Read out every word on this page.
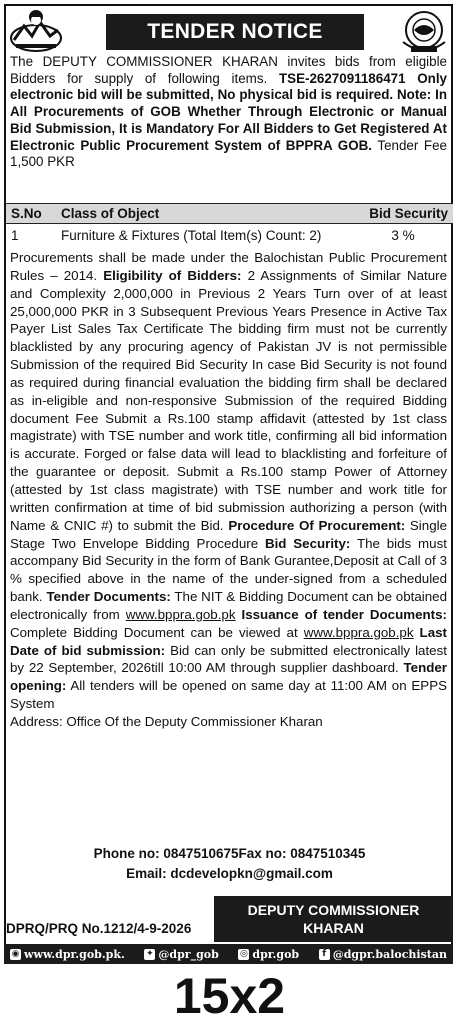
TENDER NOTICE
The DEPUTY COMMISSIONER KHARAN invites bids from eligible Bidders for supply of following items. TSE-2627091186471 Only electronic bid will be submitted, No physical bid is required. Note: In All Procurements of GOB Whether Through Electronic or Manual Bid Submission, It is Mandatory For All Bidders to Get Registered At Electronic Public Procurement System of BPPRA GOB. Tender Fee 1,500 PKR
S.No	Class of Object	Bid Security
1	Furniture & Fixtures (Total Item(s) Count: 2)	3 %
Procurements shall be made under the Balochistan Public Procurement Rules – 2014. Eligibility of Bidders: 2 Assignments of Similar Nature and Complexity 2,000,000 in Previous 2 Years Turn over of at least 25,000,000 PKR in 3 Subsequent Previous Years Presence in Active Tax Payer List Sales Tax Certificate The bidding firm must not be currently blacklisted by any procuring agency of Pakistan JV is not permissible Submission of the required Bid Security In case Bid Security is not found as required during financial evaluation the bidding firm shall be declared as in-eligible and non-responsive Submission of the required Bidding document Fee Submit a Rs.100 stamp affidavit (attested by 1st class magistrate) with TSE number and work title, confirming all bid information is accurate. Forged or false data will lead to blacklisting and forfeiture of the guarantee or deposit. Submit a Rs.100 stamp Power of Attorney (attested by 1st class magistrate) with TSE number and work title for written confirmation at time of bid submission authorizing a person (with Name & CNIC #) to submit the Bid. Procedure Of Procurement: Single Stage Two Envelope Bidding Procedure Bid Security: The bids must accompany Bid Security in the form of Bank Gurantee,Deposit at Call of 3 % specified above in the name of the under-signed from a scheduled bank. Tender Documents: The NIT & Bidding Document can be obtained electronically from www.bppra.gob.pk Issuance of tender Documents: Complete Bidding Document can be viewed at www.bppra.gob.pk Last Date of bid submission: Bid can only be submitted electronically latest by 22 September, 2026till 10:00 AM through supplier dashboard. Tender opening: All tenders will be opened on same day at 11:00 AM on EPPS System
Address: Office Of the Deputy Commissioner Kharan
Phone no: 0847510675Fax no: 0847510345
Email: dcdevelopkn@gmail.com
DPRQ/PRQ No.1212/4-9-2026
DEPUTY COMMISSIONER
KHARAN
◉ www.dpr.gob.pk. ✦ @dpr_gob ◎ dpr.gob	f @dgpr.balochistan
15x2
